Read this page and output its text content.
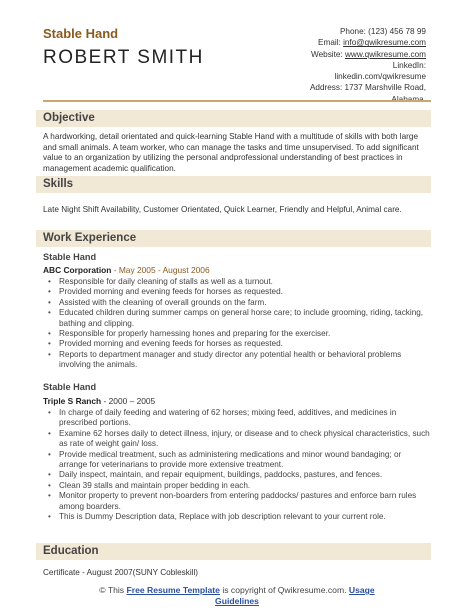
Stable Hand
ROBERT SMITH
Phone: (123) 456 78 99
Email: info@qwikresume.com
Website: www.qwikresume.com
LinkedIn:
linkedin.com/qwikresume
Address: 1737 Marshville Road,
Objective
A hardworking, detail orientated and quick-learning Stable Hand with a multitude of skills with both large and small animals. A team worker, who can manage the tasks and time unsupervised. To add significant value to an organization by utilizing the personal andprofessional understanding of best practices in management academic qualification.
Skills
Late Night Shift Availability, Customer Orientated, Quick Learner, Friendly and Helpful, Animal care.
Work Experience
Stable Hand
ABC Corporation - May 2005 - August 2006
• Responsible for daily cleaning of stalls as well as a turnout.
• Provided morning and evening feeds for horses as requested.
• Assisted with the cleaning of overall grounds on the farm.
• Educated children during summer camps on general horse care; to include grooming, riding, tacking, bathing and clipping.
• Responsible for properly harnessing hones and preparing for the exerciser.
• Provided morning and evening feeds for horses as requested.
• Reports to department manager and study director any potential health or behavioral problems involving the animals.
Stable Hand
Triple S Ranch - 2000 – 2005
• In charge of daily feeding and watering of 62 horses; mixing feed, additives, and medicines in prescribed portions.
• Examine 62 horses daily to detect illness, injury, or disease and to check physical characteristics, such as rate of weight gain/ loss.
• Provide medical treatment, such as administering medications and minor wound bandaging; or arrange for veterinarians to provide more extensive treatment.
• Daily inspect, maintain, and repair equipment, buildings, paddocks, pastures, and fences.
• Clean 39 stalls and maintain proper bedding in each.
• Monitor property to prevent non-boarders from entering paddocks/ pastures and enforce barn rules among boarders.
• This is Dummy Description data, Replace with job description relevant to your current role.
Education
Certificate - August 2007(SUNY Cobleskill)
© This Free Resume Template is copyright of Qwikresume.com. Usage
Guidelines
